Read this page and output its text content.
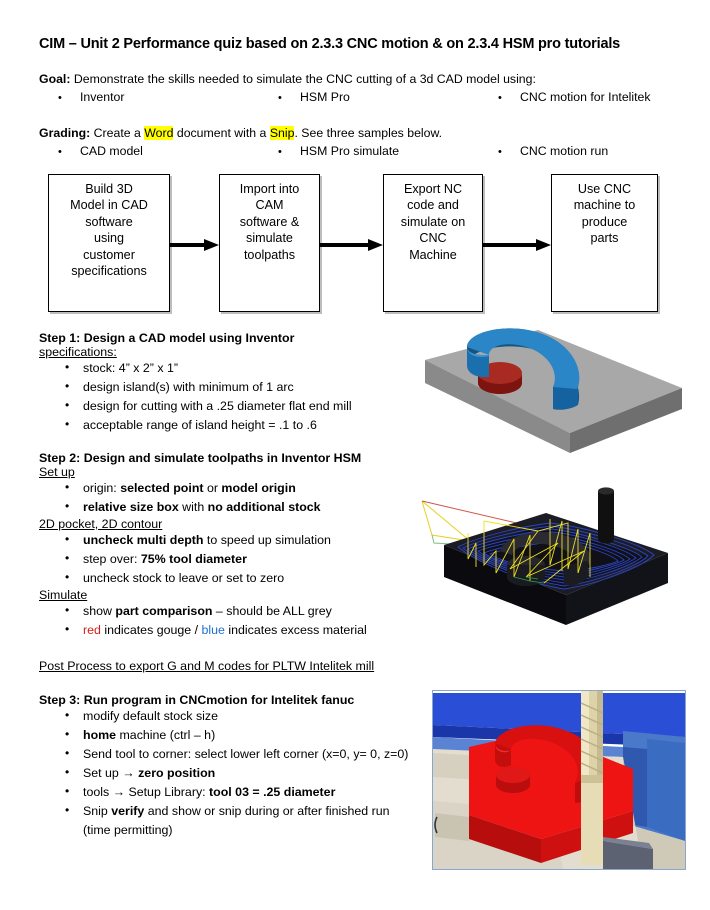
CIM – Unit 2 Performance quiz based on 2.3.3 CNC motion & on 2.3.4 HSM pro tutorials
Goal: Demonstrate the skills needed to simulate the CNC cutting of a 3d CAD model using:
•Inventor •	HSM Pro •	CNC motion for Intelitek
Grading: Create a Word document with a Snip. See three samples below.
•CAD model •	HSM Pro simulate •	CNC motion run
Build 3D
Model in CAD
software
using
customer
specifications
Import into
CAM
software &
simulate
toolpaths
Export NC
code and
simulate on
CNC
Machine
Use CNC
machine to
produce
parts
Step 1: Design a CAD model using Inventor
specifications:
• stock: 4” x 2” x 1”
• design island(s) with minimum of 1 arc
• design for cutting with a .25 diameter flat end mill
• acceptable range of island height = .1 to .6
Step 2: Design and simulate toolpaths in Inventor HSM
Set up
• origin: selected point or model origin
• relative size box with no additional stock
2D pocket, 2D contour
• uncheck multi depth to speed up simulation
• step over: 75% tool diameter
• uncheck stock to leave or set to zero
Simulate
• show part comparison – should be ALL grey
• red indicates gouge / blue indicates excess material
Post Process to export G and M codes for PLTW Intelitek mill
Step 3: Run program in CNCmotion for Intelitek fanuc
• modify default stock size
• home machine (ctrl – h)
• Send tool to corner: select lower left corner (x=0, y= 0, z=0)
• Set up → zero position
• tools → Setup Library: tool 03 = .25 diameter
• Snip verify and show or snip during or after finished run
(time permitting)
